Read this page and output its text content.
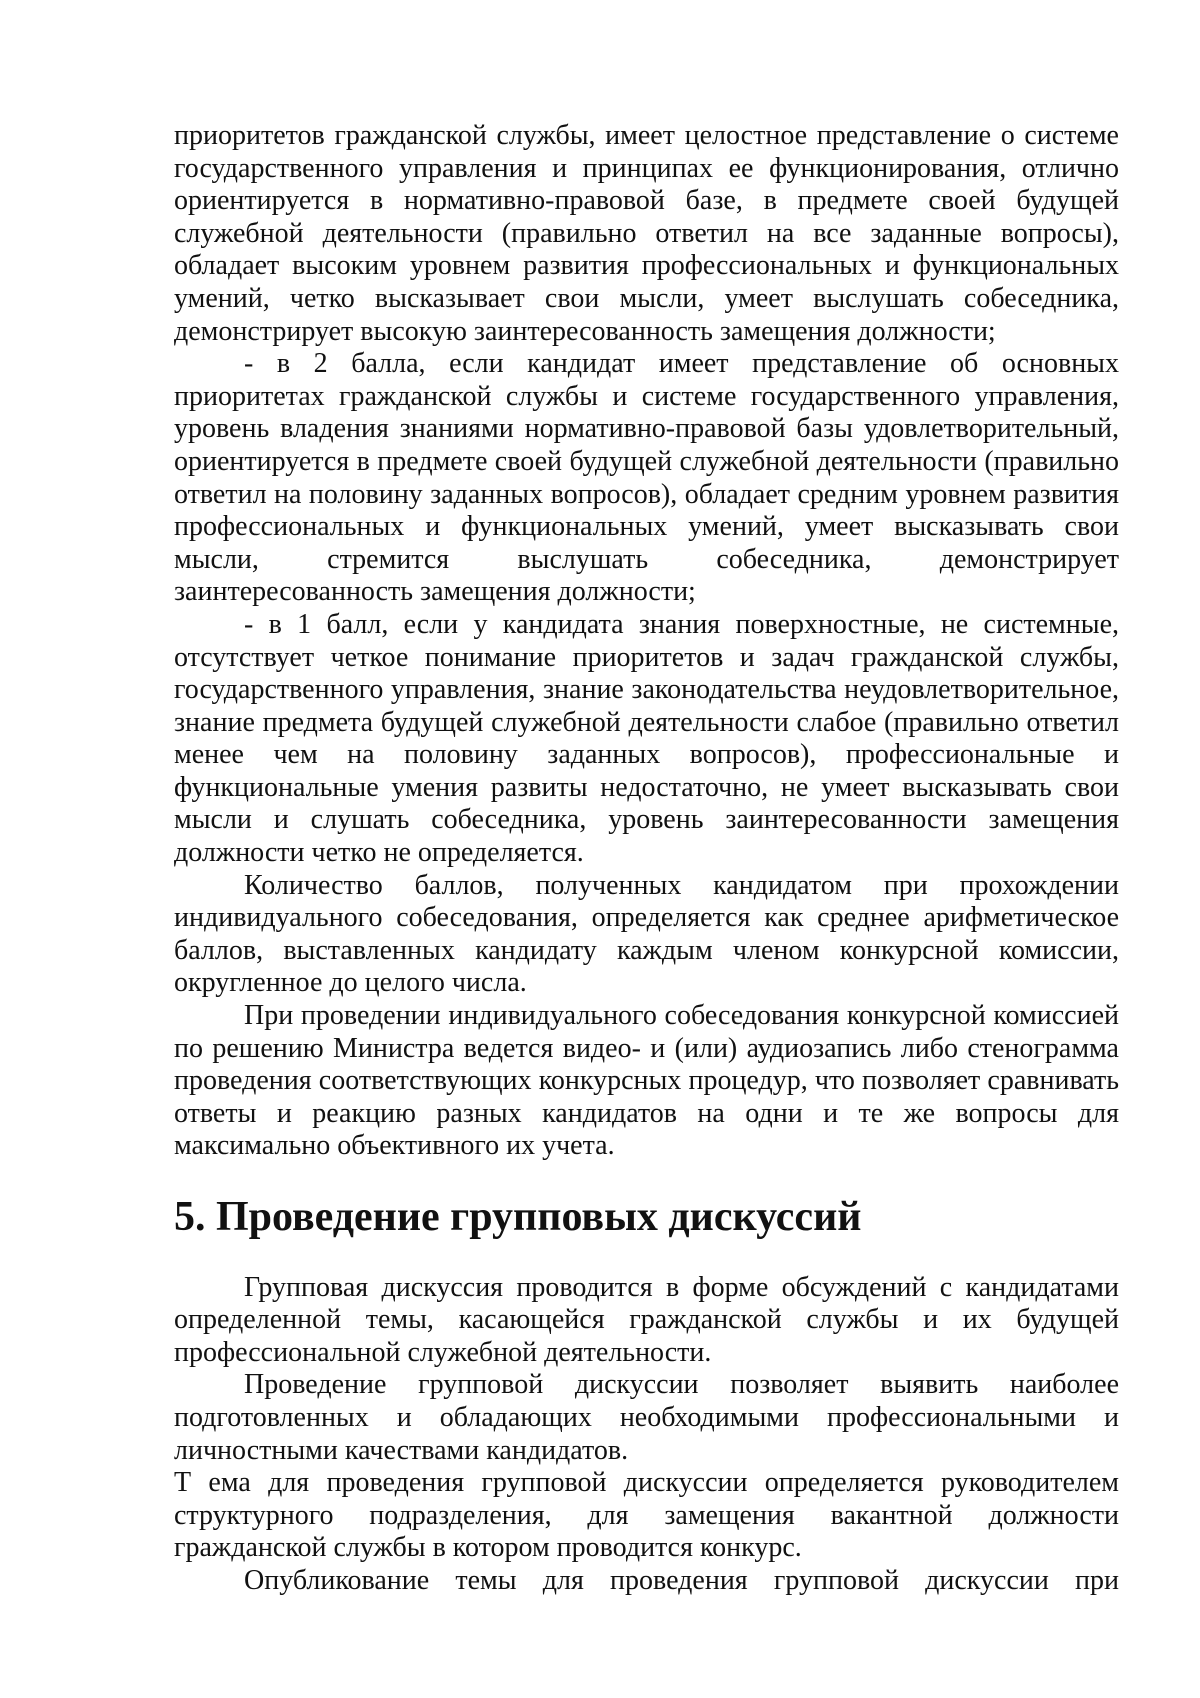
приоритетов гражданской службы, имеет целостное представление о системе государственного управления и принципах ее функционирования, отлично ориентируется в нормативно-правовой базе, в предмете своей будущей служебной деятельности (правильно ответил на все заданные вопросы), обладает высоким уровнем развития профессиональных и функциональных умений, четко высказывает свои мысли, умеет выслушать собеседника, демонстрирует высокую заинтересованность замещения должности;

- в 2 балла, если кандидат имеет представление об основных приоритетах гражданской службы и системе государственного управления, уровень владения знаниями нормативно-правовой базы удовлетворительный, ориентируется в предмете своей будущей служебной деятельности (правильно ответил на половину заданных вопросов), обладает средним уровнем развития профессиональных и функциональных умений, умеет высказывать свои мысли, стремится выслушать собеседника, демонстрирует заинтересованность замещения должности;

- в 1 балл, если у кандидата знания поверхностные, не системные, отсутствует четкое понимание приоритетов и задач гражданской службы, государственного управления, знание законодательства неудовлетворительное, знание предмета будущей служебной деятельности слабое (правильно ответил менее чем на половину заданных вопросов), профессиональные и функциональные умения развиты недостаточно, не умеет высказывать свои мысли и слушать собеседника, уровень заинтересованности замещения должности четко не определяется.

Количество баллов, полученных кандидатом при прохождении индивидуального собеседования, определяется как среднее арифметическое баллов, выставленных кандидату каждым членом конкурсной комиссии, округленное до целого числа.

При проведении индивидуального собеседования конкурсной комиссией по решению Министра ведется видео- и (или) аудиозапись либо стенограмма проведения соответствующих конкурсных процедур, что позволяет сравнивать ответы и реакцию разных кандидатов на одни и те же вопросы для максимально объективного их учета.

5. Проведение групповых дискуссий

Групповая дискуссия проводится в форме обсуждений с кандидатами определенной темы, касающейся гражданской службы и их будущей профессиональной служебной деятельности.

Проведение групповой дискуссии позволяет выявить наиболее подготовленных и обладающих необходимыми профессиональными и личностными качествами кандидатов.

Т ема для проведения групповой дискуссии определяется руководителем структурного подразделения, для замещения вакантной должности гражданской службы в котором проводится конкурс.

Опубликование темы для проведения групповой дискуссии при
